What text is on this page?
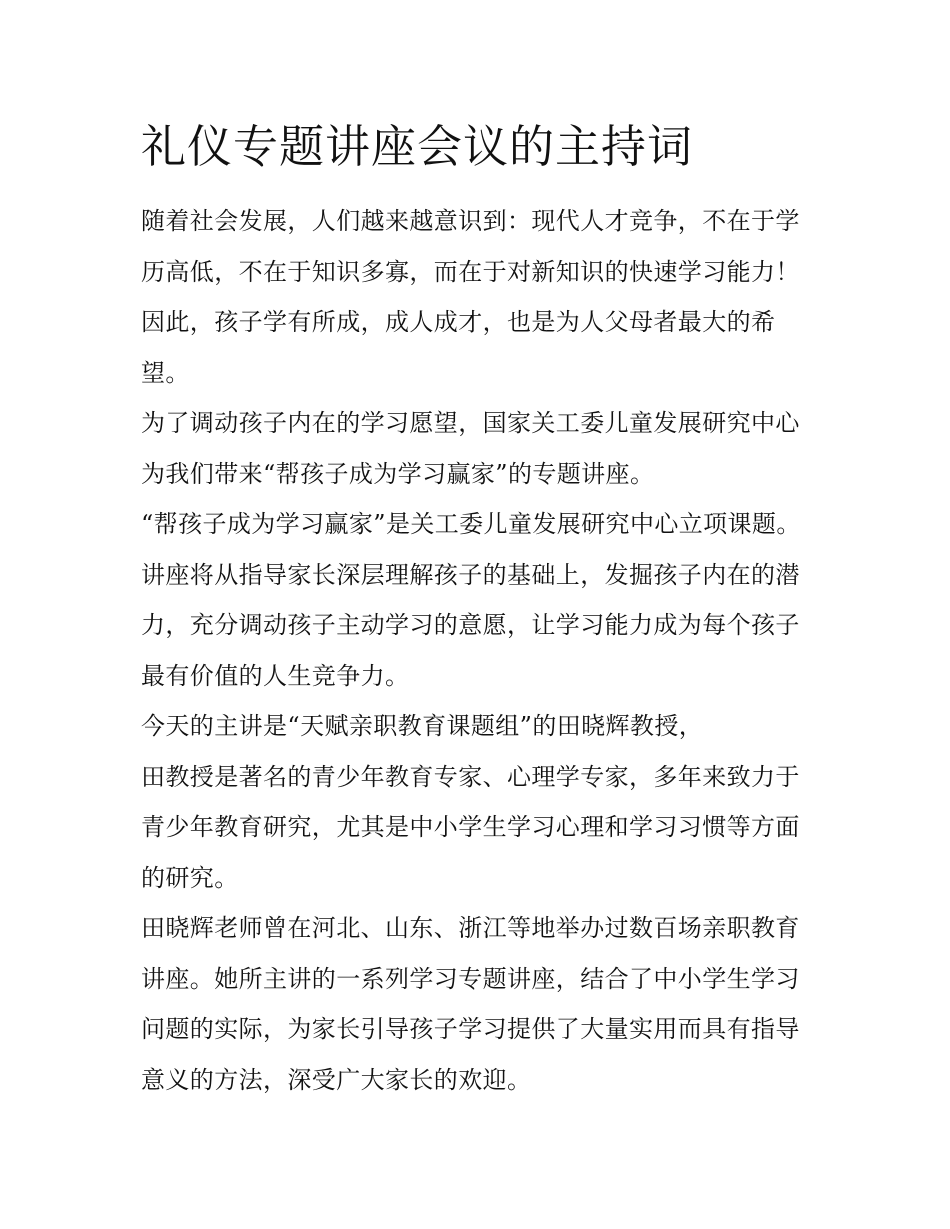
礼仪专题讲座会议的主持词

随着社会发展，人们越来越意识到：现代人才竞争，不在于学历高低，不在于知识多寡，而在于对新知识的快速学习能力！因此，孩子学有所成，成人成才，也是为人父母者最大的希望。

为了调动孩子内在的学习愿望，国家关工委儿童发展研究中心为我们带来“帮孩子成为学习赢家”的专题讲座。

“帮孩子成为学习赢家”是关工委儿童发展研究中心立项课题。

讲座将从指导家长深层理解孩子的基础上，发掘孩子内在的潜力，充分调动孩子主动学习的意愿，让学习能力成为每个孩子最有价值的人生竞争力。

今天的主讲是“天赋亲职教育课题组”的田晓辉教授，

田教授是著名的青少年教育专家、心理学专家，多年来致力于青少年教育研究，尤其是中小学生学习心理和学习习惯等方面的研究。

田晓辉老师曾在河北、山东、浙江等地举办过数百场亲职教育讲座。她所主讲的一系列学习专题讲座，结合了中小学生学习问题的实际，为家长引导孩子学习提供了大量实用而具有指导意义的方法，深受广大家长的欢迎。
